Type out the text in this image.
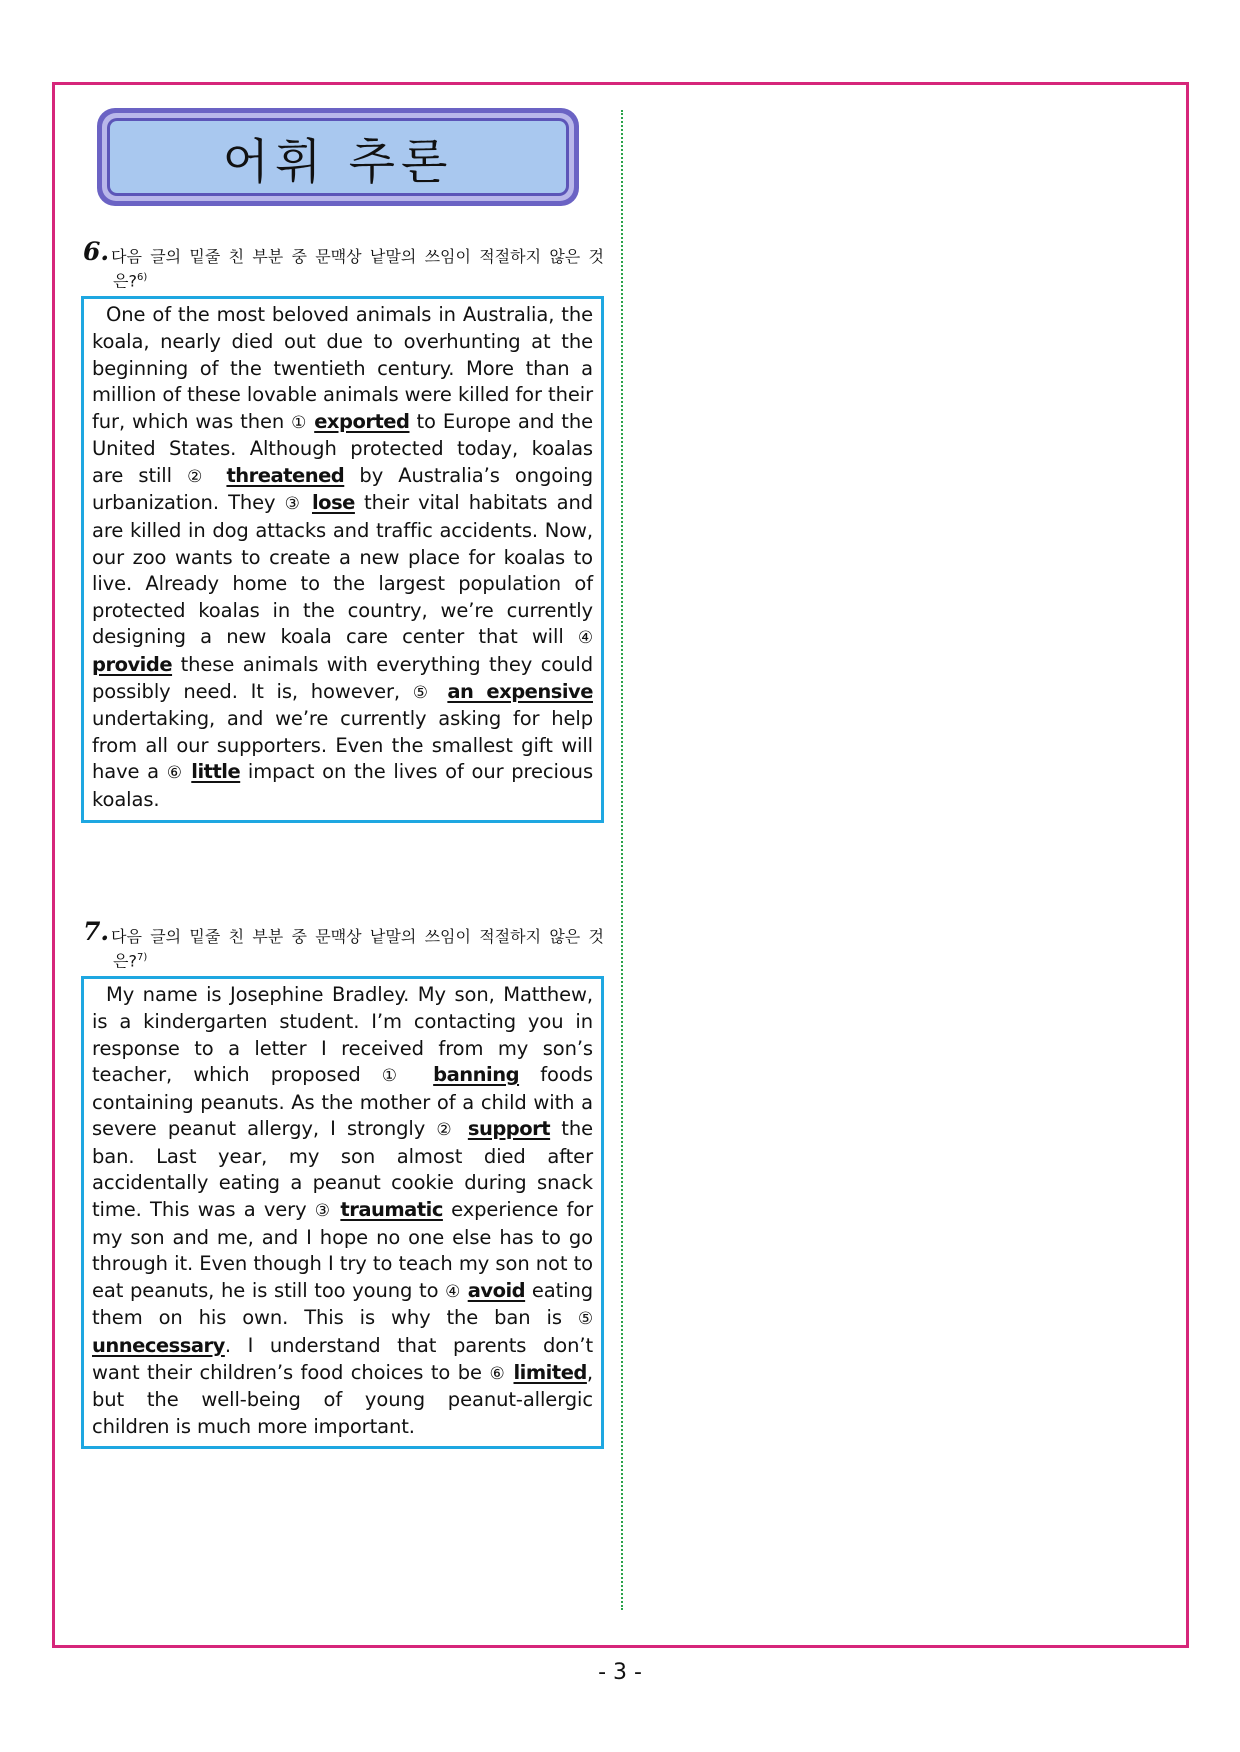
어휘 추론
6. 다음 글의 밑줄 친 부분 중 문맥상 낱말의 쓰임이 적절하지 않은 것
은?$^{6)}$

One of the most beloved animals in Australia, the koala, nearly died out due to overhunting at the beginning of the twentieth century. More than a million of these lovable animals were killed for their fur, which was then ① exported to Europe and the United States. Although protected today, koalas are still ② threatened by Australia’s ongoing urbanization. They ③ lose their vital habitats and are killed in dog attacks and traffic accidents. Now, our zoo wants to create a new place for koalas to live. Already home to the largest population of protected koalas in the country, we’re currently designing a new koala care center that will ④ provide these animals with everything they could possibly need. It is, however, ⑤ an expensive undertaking, and we’re currently asking for help from all our supporters. Even the smallest gift will have a ⑥ little impact on the lives of our precious koalas.

7. 다음 글의 밑줄 친 부분 중 문맥상 낱말의 쓰임이 적절하지 않은 것
은?$^{7)}$

My name is Josephine Bradley. My son, Matthew, is a kindergarten student. I’m contacting you in response to a letter I received from my son’s teacher, which proposed ① banning foods containing peanuts. As the mother of a child with a severe peanut allergy, I strongly ② support the ban. Last year, my son almost died after accidentally eating a peanut cookie during snack time. This was a very ③ traumatic experience for my son and me, and I hope no one else has to go through it. Even though I try to teach my son not to eat peanuts, he is still too young to ④ avoid eating them on his own. This is why the ban is ⑤ unnecessary. I understand that parents don’t want their children’s food choices to be ⑥ limited, but the well-being of young peanut-allergic children is much more important.

- 3 -
